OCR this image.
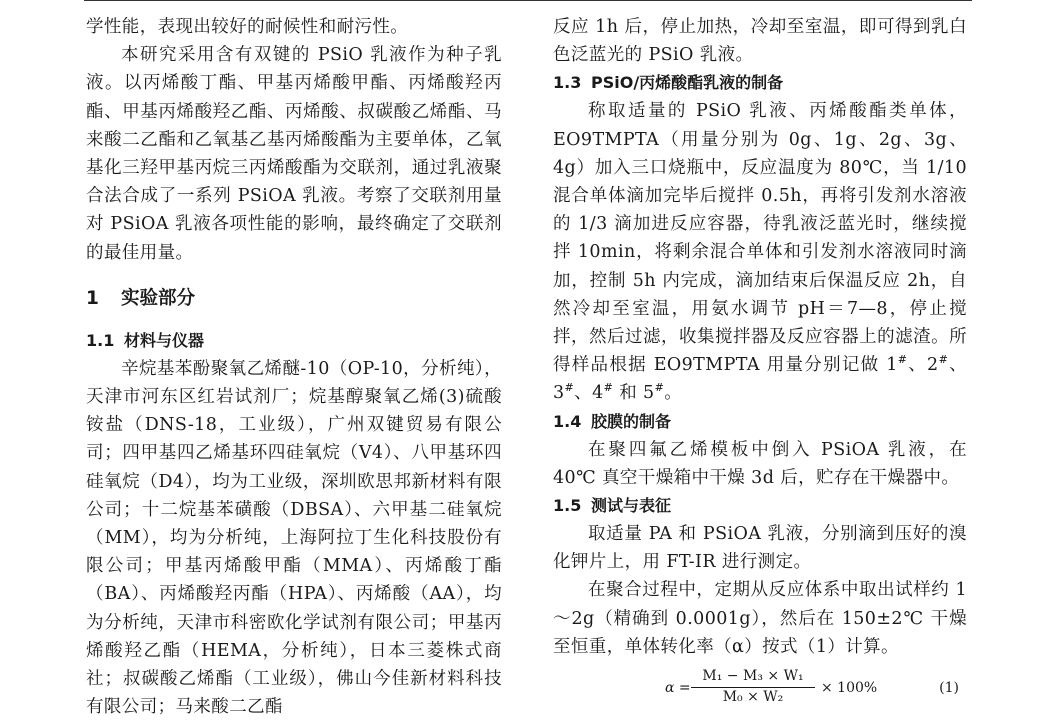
学性能，表现出较好的耐候性和耐污性。

本研究采用含有双键的 PSiO 乳液作为种子乳液。以丙烯酸丁酯、甲基丙烯酸甲酯、丙烯酸羟丙酯、甲基丙烯酸羟乙酯、丙烯酸、叔碳酸乙烯酯、马来酸二乙酯和乙氧基乙基丙烯酸酯为主要单体，乙氧基化三羟甲基丙烷三丙烯酸酯为交联剂，通过乳液聚合法合成了一系列 PSiOA 乳液。考察了交联剂用量对 PSiOA 乳液各项性能的影响，最终确定了交联剂的最佳用量。

1 实验部分

1.1 材料与仪器

辛烷基苯酚聚氧乙烯醚-10（OP-10，分析纯），天津市河东区红岩试剂厂；烷基醇聚氧乙烯(3)硫酸铵盐（DNS-18，工业级），广州双键贸易有限公司；四甲基四乙烯基环四硅氧烷（V4）、八甲基环四硅氧烷（D4），均为工业级，深圳欧思邦新材料有限公司；十二烷基苯磺酸（DBSA）、六甲基二硅氧烷（MM），均为分析纯，上海阿拉丁生化科技股份有限公司；甲基丙烯酸甲酯（MMA）、丙烯酸丁酯（BA）、丙烯酸羟丙酯（HPA）、丙烯酸（AA），均为分析纯，天津市科密欧化学试剂有限公司；甲基丙烯酸羟乙酯（HEMA，分析纯），日本三菱株式商社；叔碳酸乙烯酯（工业级），佛山今佳新材料科技有限公司；马来酸二乙酯

反应 1h 后，停止加热，冷却至室温，即可得到乳白色泛蓝光的 PSiO 乳液。

1.3 PSiO/丙烯酸酯乳液的制备

称取适量的 PSiO 乳液、丙烯酸酯类单体，EO9TMPTA（用量分别为 0g、1g、2g、3g、4g）加入三口烧瓶中，反应温度为 80℃，当 1/10 混合单体滴加完毕后搅拌 0.5h，再将引发剂水溶液的 1/3 滴加进反应容器，待乳液泛蓝光时，继续搅拌 10min，将剩余混合单体和引发剂水溶液同时滴加，控制 5h 内完成，滴加结束后保温反应 2h，自然冷却至室温，用氨水调节 pH＝7—8，停止搅拌，然后过滤，收集搅拌器及反应容器上的滤渣。所得样品根据 EO9TMPTA 用量分别记做 1#、2#、3#、4# 和 5#。

1.4 胶膜的制备

在聚四氟乙烯模板中倒入 PSiOA 乳液，在 40℃ 真空干燥箱中干燥 3d 后，贮存在干燥器中。

1.5 测试与表征

取适量 PA 和 PSiOA 乳液，分别滴到压好的溴化钾片上，用 FT-IR 进行测定。

在聚合过程中，定期从反应体系中取出试样约 1～2g（精确到 0.0001g），然后在 150±2℃ 干燥至恒重，单体转化率（α）按式（1）计算。

$\alpha = \frac{\text{M₁ − M₃ × W₁}}{\text{M₀ × W₂}} \times 100\%$	(1)
